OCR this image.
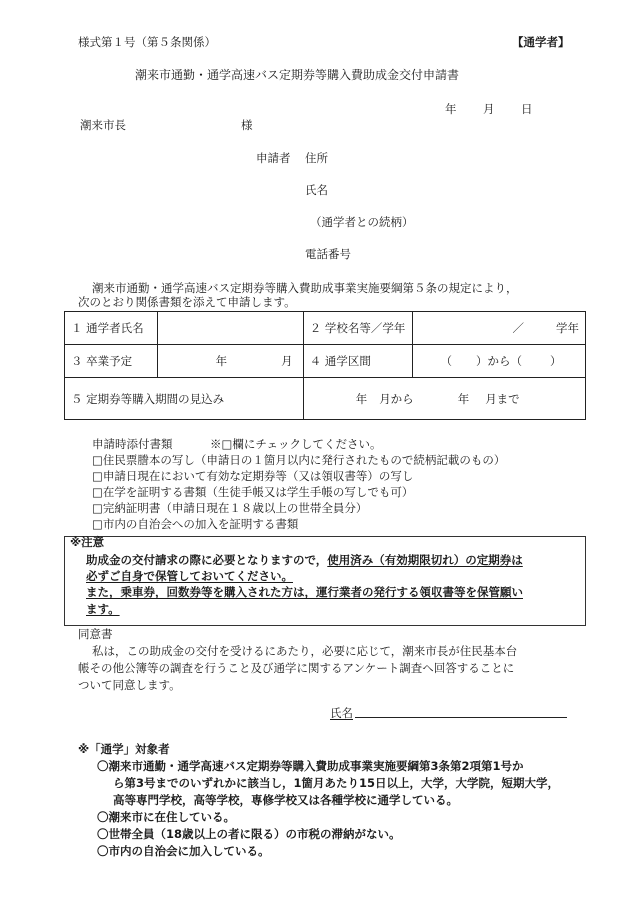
様式第１号（第５条関係）	【通学者】
潮来市通勤・通学高速バス定期券等購入費助成金交付申請書
年 月 日
潮来市長	様
申請者 住所
氏名
（通学者との続柄）
電話番号
潮来市通勤・通学高速バス定期券等購入費助成事業実施要綱第５条の規定により，
次のとおり関係書類を添えて申請します。
１ 通学者氏名		２ 学校名等／学年	／ 学年
３ 卒業予定	年 月	４ 通学区間	（ ）から（ ）
５ 定期券等購入期間の見込み		年 月から 年 月まで	
申請時添付書類	※□欄にチェックしてください。
□住民票謄本の写し（申請日の１箇月以内に発行されたもので続柄記載のもの）
□申請日現在において有効な定期券等（又は領収書等）の写し
□在学を証明する書類（生徒手帳又は学生手帳の写しでも可）
□完納証明書（申請日現在１８歳以上の世帯全員分）
□市内の自治会への加入を証明する書類
※注意
助成金の交付請求の際に必要となりますので，使用済み（有効期限切れ）の定期券は
必ずご自身で保管しておいてください。
また，乗車券，回数券等を購入された方は，運行業者の発行する領収書等を保管願い
ます。
同意書
私は，この助成金の交付を受けるにあたり，必要に応じて，潮来市長が住民基本台
帳その他公簿等の調査を行うこと及び通学に関するアンケート調査へ回答することに
ついて同意します。
氏名
※「通学」対象者
〇潮来市通勤・通学高速バス定期券等購入費助成事業実施要綱第3条第2項第1号か
ら第3号までのいずれかに該当し，1箇月あたり15日以上，大学，大学院，短期大学，
高等専門学校，高等学校，専修学校又は各種学校に通学している。
〇潮来市に在住している。
〇世帯全員（18歳以上の者に限る）の市税の滞納がない。
〇市内の自治会に加入している。
